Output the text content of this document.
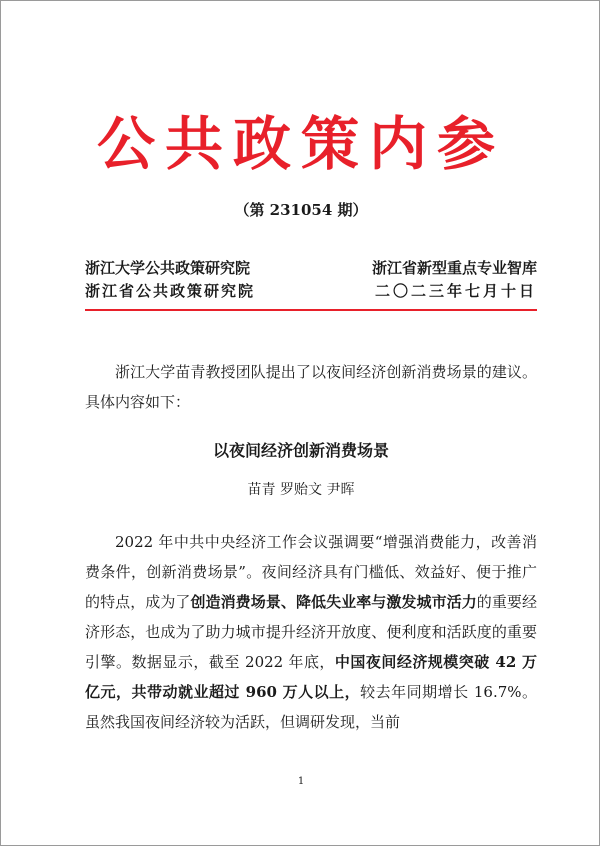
公共政策内参
（第 231054 期）
浙江大学公共政策研究院	浙江省新型重点专业智库
浙江省公共政策研究院	二〇二三年七月十日

浙江大学苗青教授团队提出了以夜间经济创新消费场景的建议。具体内容如下：

以夜间经济创新消费场景
苗青 罗贻文 尹晖

2022 年中共中央经济工作会议强调要“增强消费能力，改善消费条件，创新消费场景”。夜间经济具有门槛低、效益好、便于推广的特点，成为了创造消费场景、降低失业率与激发城市活力的重要经济形态，也成为了助力城市提升经济开放度、便利度和活跃度的重要引擎。数据显示，截至 2022 年底，中国夜间经济规模突破 42 万亿元，共带动就业超过 960 万人以上，较去年同期增长 16.7%。虽然我国夜间经济较为活跃，但调研发现，当前

1
